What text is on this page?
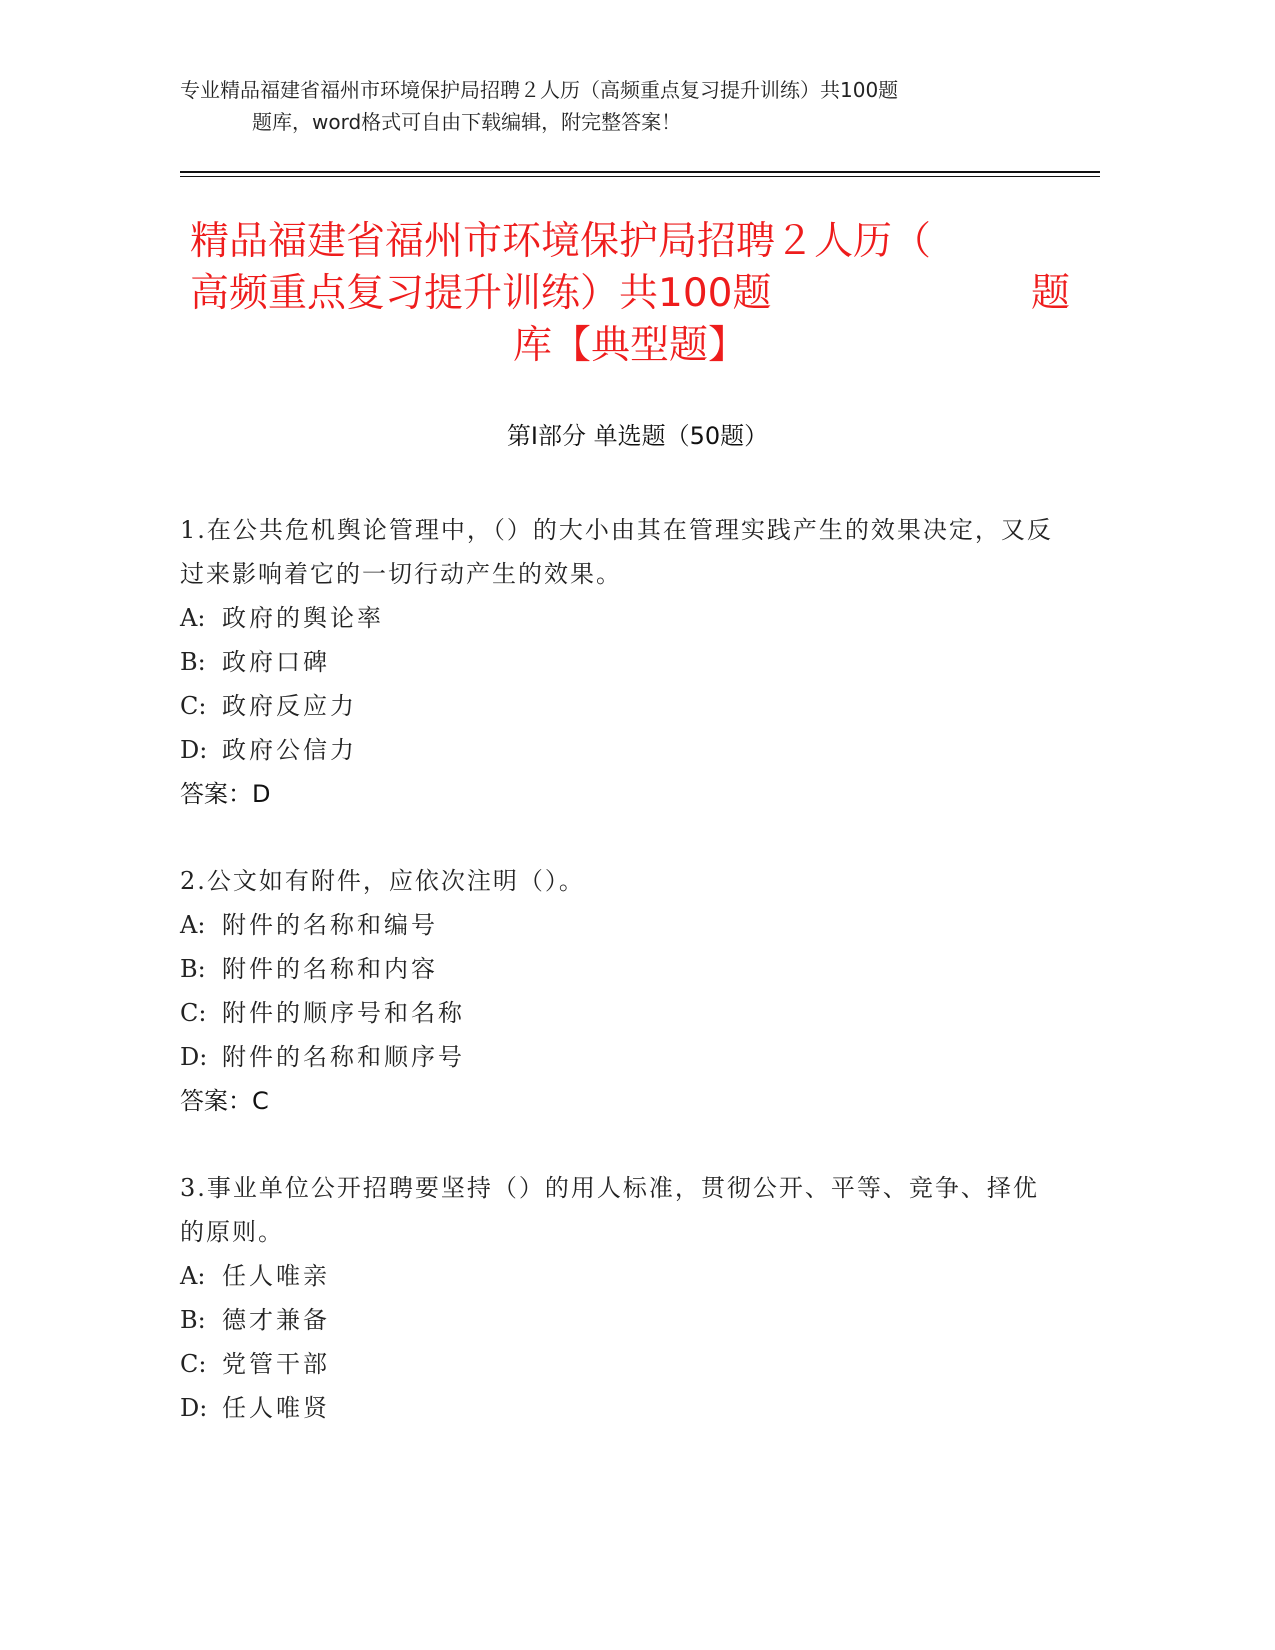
专业精品福建省福州市环境保护局招聘２人历（高频重点复习提升训练）共100题
题库，word格式可自由下载编辑，附完整答案！
精品福建省福州市环境保护局招聘２人历（
高频重点复习提升训练）共100题	题
库【典型题】
第Ⅰ部分 单选题（50题）

1.在公共危机舆论管理中，（）的大小由其在管理实践产生的效果决定，又反过来影响着它的一切行动产生的效果。

A: 政府的舆论率

B: 政府口碑

C: 政府反应力

D: 政府公信力

答案：D

2.公文如有附件，应依次注明（）。

A: 附件的名称和编号

B: 附件的名称和内容

C: 附件的顺序号和名称

D: 附件的名称和顺序号

答案：C

3.事业单位公开招聘要坚持（）的用人标准，贯彻公开、平等、竞争、择优的原则。

A: 任人唯亲

B: 德才兼备

C: 党管干部

D: 任人唯贤
